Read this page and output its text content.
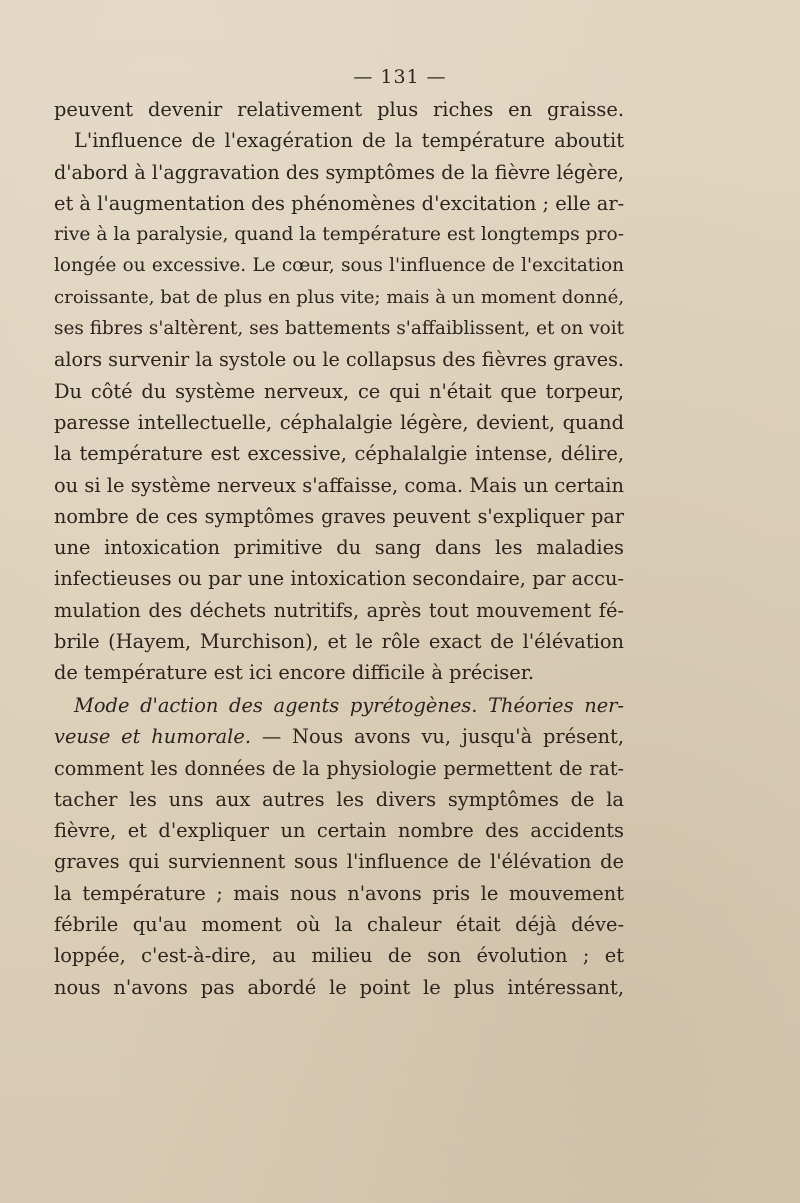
— 131 —
peuvent devenir relativement plus riches en graisse.
L'influence de l'exagération de la température aboutit
d'abord à l'aggravation des symptômes de la fièvre légère,
et à l'augmentation des phénomènes d'excitation ; elle ar-
rive à la paralysie, quand la température est longtemps pro-
longée ou excessive. Le cœur, sous l'influence de l'excitation
croissante, bat de plus en plus vite; mais à un moment donné,
ses fibres s'altèrent, ses battements s'affaiblissent, et on voit
alors survenir la systole ou le collapsus des fièvres graves.
Du côté du système nerveux, ce qui n'était que torpeur,
paresse intellectuelle, céphalalgie légère, devient, quand
la température est excessive, céphalalgie intense, délire,
ou si le système nerveux s'affaisse, coma. Mais un certain
nombre de ces symptômes graves peuvent s'expliquer par
une intoxication primitive du sang dans les maladies
infectieuses ou par une intoxication secondaire, par accu-
mulation des déchets nutritifs, après tout mouvement fé-
brile (Hayem, Murchison), et le rôle exact de l'élévation
de température est ici encore difficile à préciser.
Mode d'action des agents pyrétogènes. Théories ner-
veuse et humorale. — Nous avons vu, jusqu'à présent,
comment les données de la physiologie permettent de rat-
tacher les uns aux autres les divers symptômes de la
fièvre, et d'expliquer un certain nombre des accidents
graves qui surviennent sous l'influence de l'élévation de
la température ; mais nous n'avons pris le mouvement
fébrile qu'au moment où la chaleur était déjà déve-
loppée, c'est-à-dire, au milieu de son évolution ; et
nous n'avons pas abordé le point le plus intéressant,
